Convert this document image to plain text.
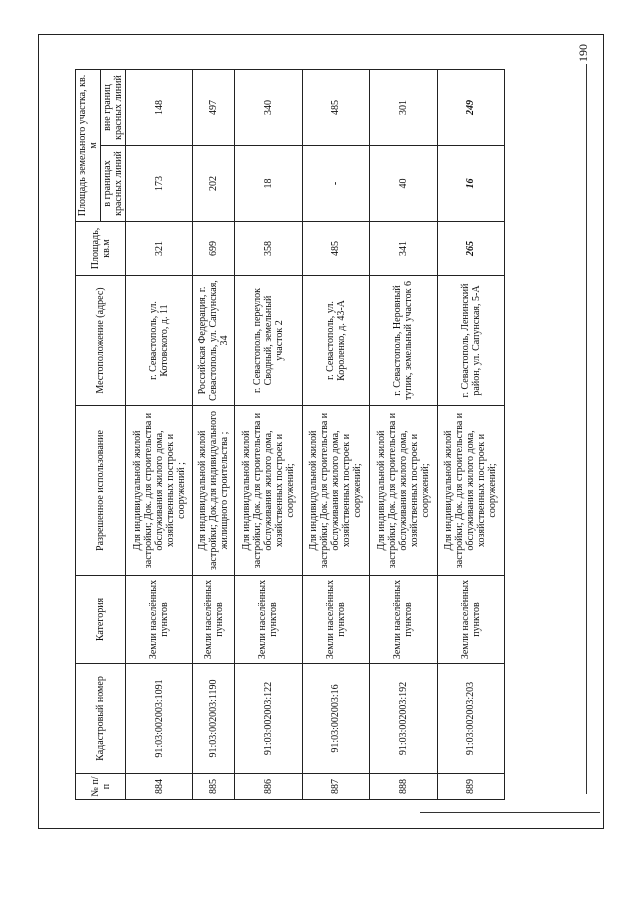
190
№ п/п	Кадастровый номер	Категория	Разрешенное использование	Местоположение (адрес)	Площадь, кв.м	Площадь земельного участка, кв. м	
						в границах красных линий	вне границ красных линий
884	91:03:002003:1091	Земли населённых пунктов	Для индивидуальной жилой застройки; Док. для строительства и обслуживания жилого дома, хозяйственных построек и сооружений ;	г. Севастополь, ул. Котовского, д. 11	321	173	148
885	91:03:002003:1190	Земли населённых пунктов	Для индивидуальной жилой застройки; Док.для индивидуального жилищного строительства ;	Российская Федерация, г. Севастополь, ул. Сапунская, 34	699	202	497
886	91:03:002003:122	Земли населённых пунктов	Для индивидуальной жилой застройки; Док. для строительства и обслуживания жилого дома, хозяйственных построек и сооружений;	г. Севастополь, переулок Сводный, земельный участок 2	358	18	340
887	91:03:002003:16	Земли населённых пунктов	Для индивидуальной жилой застройки; Док. для строительства и обслуживания жилого дома, хозяйственных построек и сооружений;	г. Севастополь, ул. Короленко, д. 43-А	485	-	485
888	91:03:002003:192	Земли населённых пунктов	Для индивидуальной жилой застройки; Док. для строительства и обслуживания жилого дома, хозяйственных построек и сооружений;	г. Севастополь, Неровный тупик, земельный участок 6	341	40	301
889	91:03:002003:203	Земли населённых пунктов	Для индивидуальной жилой застройки; Док. для строительства и обслуживания жилого дома, хозяйственных построек и сооружений;	г. Севастополь, Ленинский район, ул. Сапунская, 5-А	265	16	249
